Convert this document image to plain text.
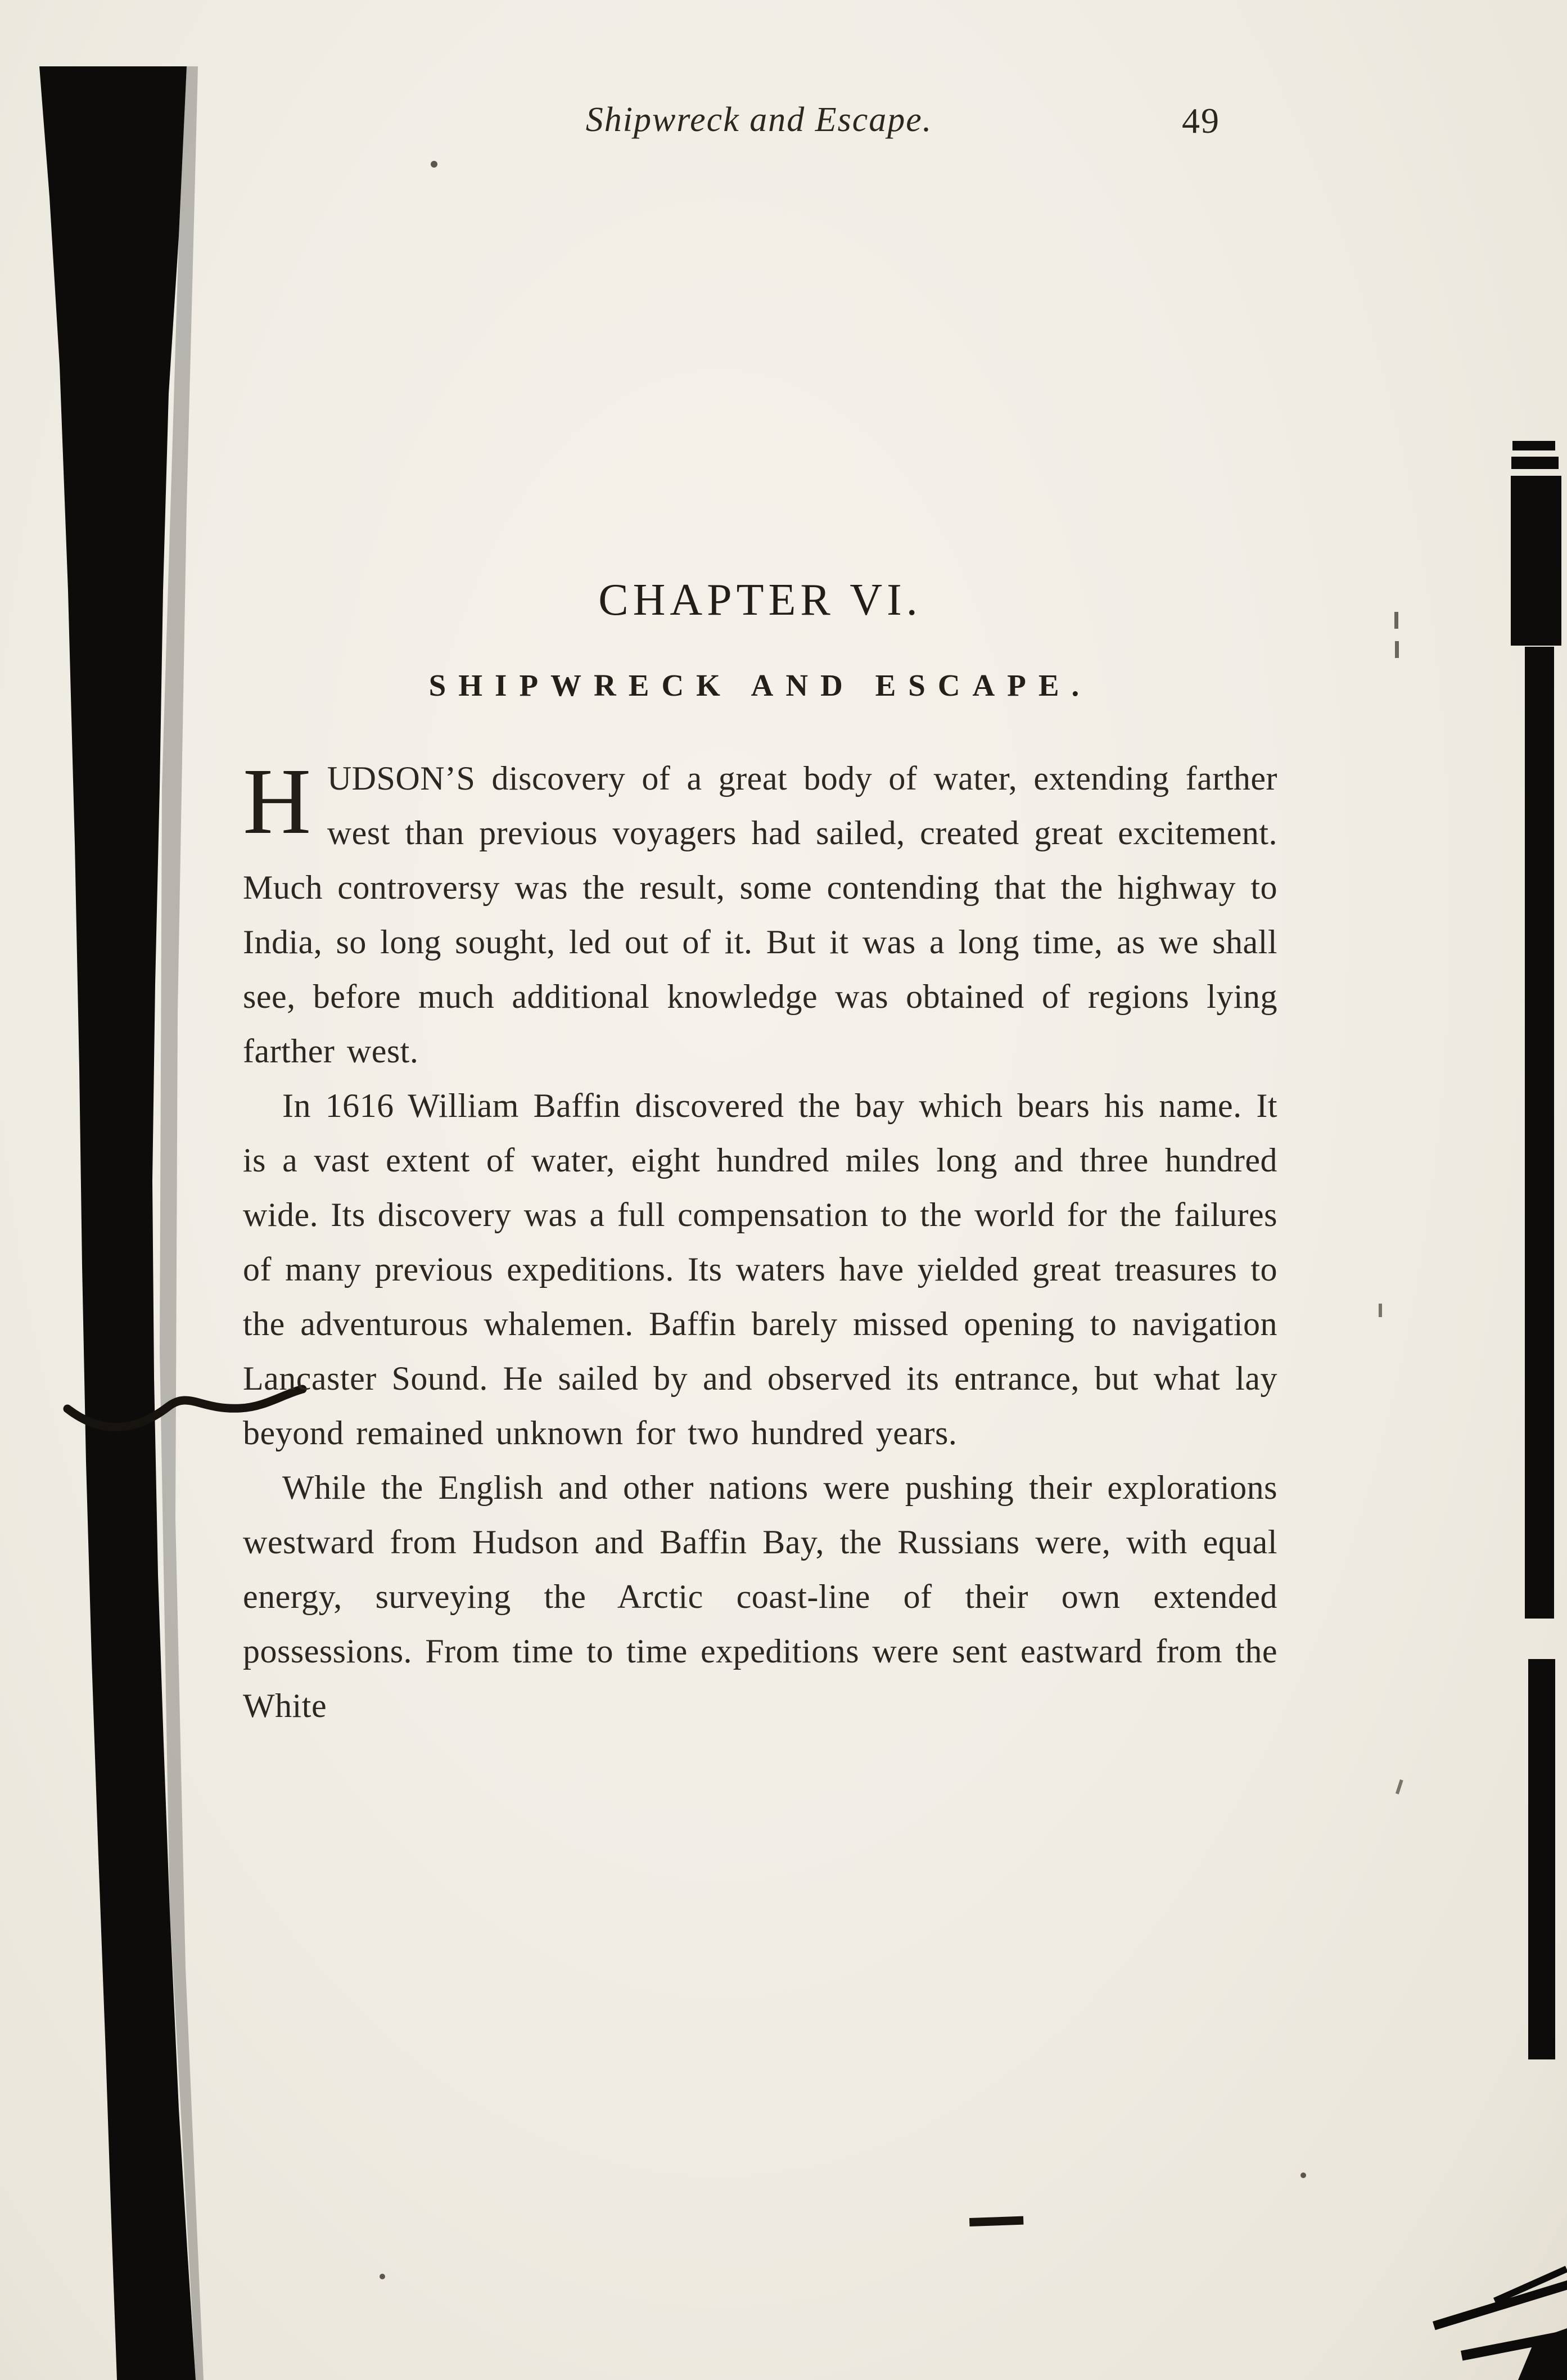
Shipwreck and Escape.	49
CHAPTER VI.
SHIPWRECK AND ESCAPE.

HUDSON’S discovery of a great body of water, extending farther west than previous voyagers had sailed, created great excitement. Much controversy was the result, some contending that the highway to India, so long sought, led out of it. But it was a long time, as we shall see, before much additional knowledge was obtained of regions lying farther west.

In 1616 William Baffin discovered the bay which bears his name. It is a vast extent of water, eight hundred miles long and three hundred wide. Its discovery was a full compensation to the world for the failures of many previous expeditions. Its waters have yielded great treasures to the adventurous whalemen. Baffin barely missed opening to navigation Lancaster Sound. He sailed by and observed its entrance, but what lay beyond remained unknown for two hundred years.

While the English and other nations were pushing their explorations westward from Hudson and Baffin Bay, the Russians were, with equal energy, surveying the Arctic coast-line of their own extended possessions. From time to time expeditions were sent eastward from the White
